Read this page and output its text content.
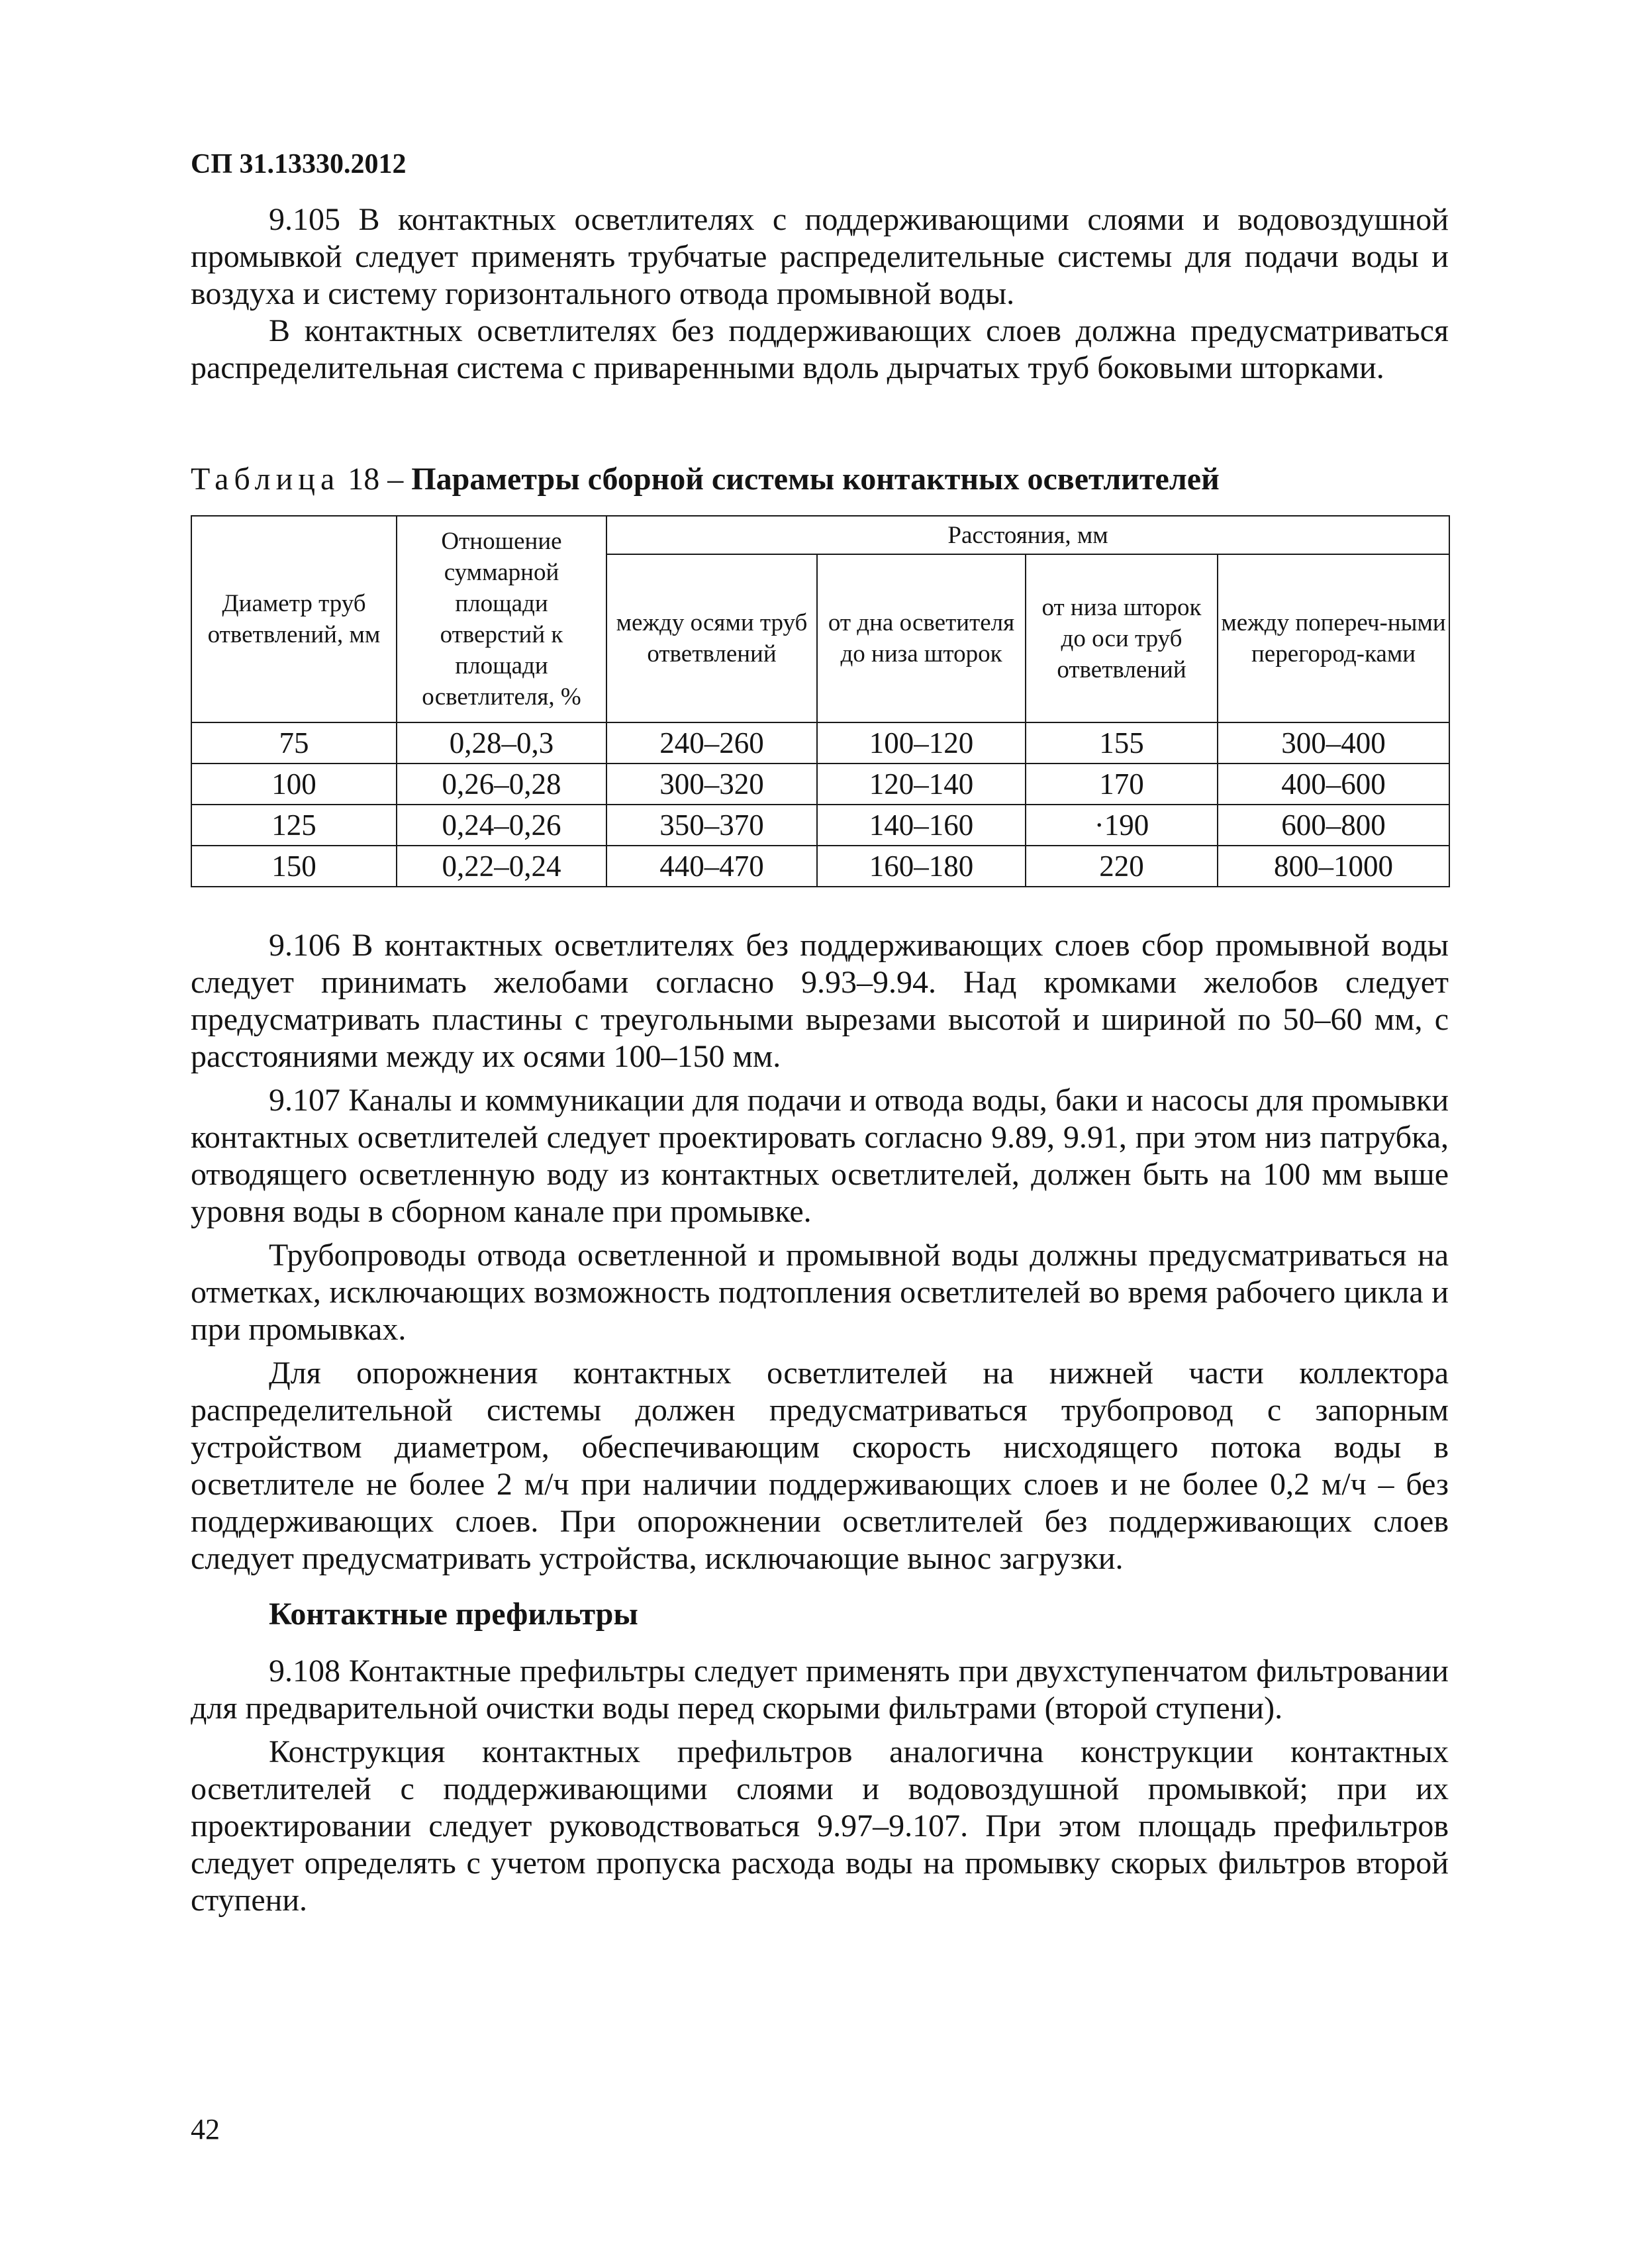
СП 31.13330.2012

9.105 В контактных осветлителях с поддерживающими слоями и водовоздушной промывкой следует применять трубчатые распределительные системы для подачи воды и воздуха и систему горизонтального отвода промывной воды.

В контактных осветлителях без поддерживающих слоев должна предусматриваться распределительная система с приваренными вдоль дырчатых труб боковыми шторками.

Таблица 18 – Параметры сборной системы контактных осветлителей
Диаметр труб ответвлений, мм	Отношение суммарной площади отверстий к площади осветлителя, %	Расстояния, мм			
		между осями труб ответвлений	от дна осветителя до низа шторок	от низа шторок до оси труб ответвлений	между попереч-ными перегород-ками
75	0,28–0,3	240–260	100–120	155	300–400
100	0,26–0,28	300–320	120–140	170	400–600
125	0,24–0,26	350–370	140–160	·190	600–800
150	0,22–0,24	440–470	160–180	220	800–1000

9.106 В контактных осветлителях без поддерживающих слоев сбор промывной воды следует принимать желобами согласно 9.93–9.94. Над кромками желобов следует предусматривать пластины с треугольными вырезами высотой и шириной по 50–60 мм, с расстояниями между их осями 100–150 мм.

9.107 Каналы и коммуникации для подачи и отвода воды, баки и насосы для промывки контактных осветлителей следует проектировать согласно 9.89, 9.91, при этом низ патрубка, отводящего осветленную воду из контактных осветлителей, должен быть на 100 мм выше уровня воды в сборном канале при промывке.

Трубопроводы отвода осветленной и промывной воды должны предусматриваться на отметках, исключающих возможность подтопления осветлителей во время рабочего цикла и при промывках.

Для опорожнения контактных осветлителей на нижней части коллектора распределительной системы должен предусматриваться трубопровод с запорным устройством диаметром, обеспечивающим скорость нисходящего потока воды в осветлителе не более 2 м/ч при наличии поддерживающих слоев и не более 0,2 м/ч – без поддерживающих слоев. При опорожнении осветлителей без поддерживающих слоев следует предусматривать устройства, исключающие вынос загрузки.

Контактные префильтры

9.108 Контактные префильтры следует применять при двухступенчатом фильтровании для предварительной очистки воды перед скорыми фильтрами (второй ступени).

Конструкция контактных префильтров аналогична конструкции контактных осветлителей с поддерживающими слоями и водовоздушной промывкой; при их проектировании следует руководствоваться 9.97–9.107. При этом площадь префильтров следует определять с учетом пропуска расхода воды на промывку скорых фильтров второй ступени.

42
